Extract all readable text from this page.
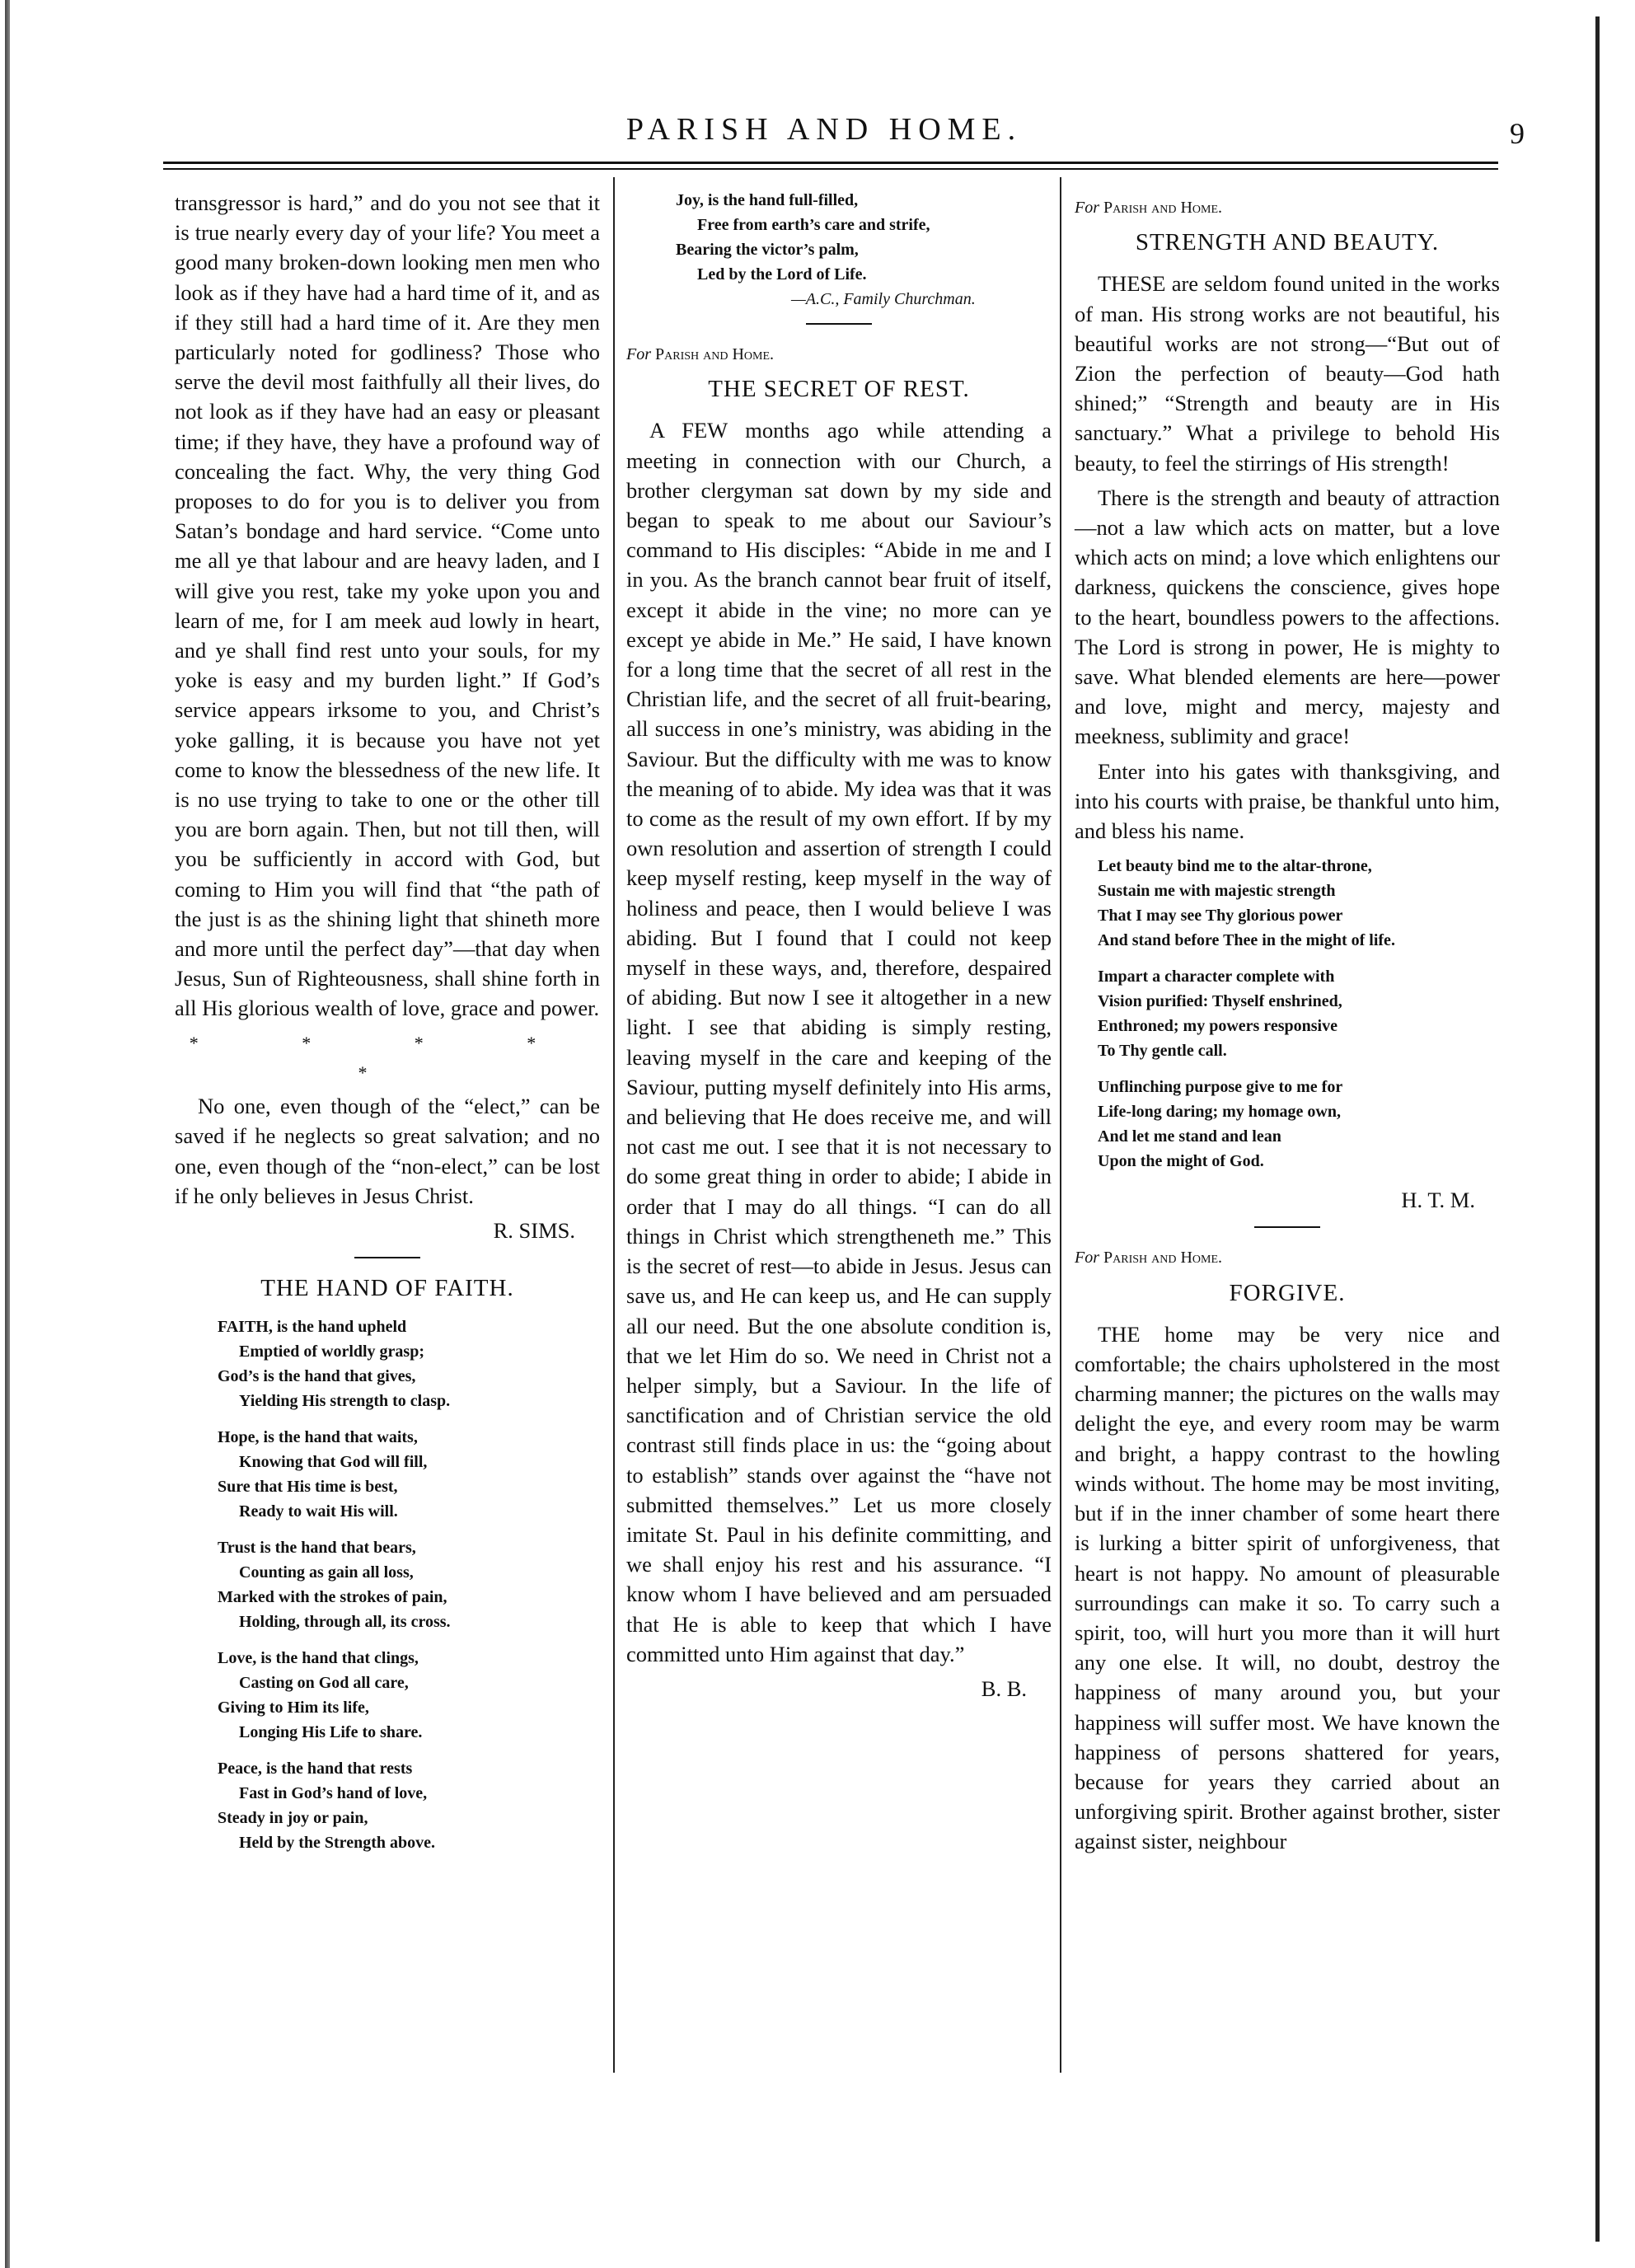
PARISH AND HOME.	9

transgressor is hard,” and do you not see that it is true nearly every day of your life? You meet a good many broken-down looking men men who look as if they have had a hard time of it, and as if they still had a hard time of it. Are they men particularly noted for godliness? Those who serve the devil most faithfully all their lives, do not look as if they have had an easy or pleasant time; if they have, they have a profound way of concealing the fact. Why, the very thing God proposes to do for you is to deliver you from Satan’s bondage and hard service. “Come unto me all ye that labour and are heavy laden, and I will give you rest, take my yoke upon you and learn of me, for I am meek aud lowly in heart, and ye shall find rest unto your souls, for my yoke is easy and my burden light.” If God’s service appears irksome to you, and Christ’s yoke galling, it is because you have not yet come to know the blessedness of the new life. It is no use trying to take to one or the other till you are born again. Then, but not till then, will you be sufficiently in accord with God, but coming to Him you will find that “the path of the just is as the shining light that shineth more and more until the perfect day”—that day when Jesus, Sun of Righteousness, shall shine forth in all His glorious wealth of love, grace and power.

* * * * *

No one, even though of the “elect,” can be saved if he neglects so great salvation; and no one, even though of the “non-elect,” can be lost if he only believes in Jesus Christ.

R. SIMS.
THE HAND OF FAITH.
FAITH, is the hand upheld
Emptied of worldly grasp;
God’s is the hand that gives,
Yielding His strength to clasp.
Hope, is the hand that waits,
Knowing that God will fill,
Sure that His time is best,
Ready to wait His will.
Trust is the hand that bears,
Counting as gain all loss,
Marked with the strokes of pain,
Holding, through all, its cross.
Love, is the hand that clings,
Casting on God all care,
Giving to Him its life,
Longing His Life to share.
Peace, is the hand that rests
Fast in God’s hand of love,
Steady in joy or pain,
Held by the Strength above.
Joy, is the hand full-filled,
Free from earth’s care and strife,
Bearing the victor’s palm,
Led by the Lord of Life.
—A.C., Family Churchman.
For Parish and Home.
THE SECRET OF REST.

A FEW months ago while attending a meeting in connection with our Church, a brother clergyman sat down by my side and began to speak to me about our Saviour’s command to His disciples: “Abide in me and I in you. As the branch cannot bear fruit of itself, except it abide in the vine; no more can ye except ye abide in Me.” He said, I have known for a long time that the secret of all rest in the Christian life, and the secret of all fruit-bearing, all success in one’s ministry, was abiding in the Saviour. But the difficulty with me was to know the meaning of to abide. My idea was that it was to come as the result of my own effort. If by my own resolution and assertion of strength I could keep myself resting, keep myself in the way of holiness and peace, then I would believe I was abiding. But I found that I could not keep myself in these ways, and, therefore, despaired of abiding. But now I see it altogether in a new light. I see that abiding is simply resting, leaving myself in the care and keeping of the Saviour, putting myself definitely into His arms, and believing that He does receive me, and will not cast me out. I see that it is not necessary to do some great thing in order to abide; I abide in order that I may do all things. “I can do all things in Christ which strengtheneth me.” This is the secret of rest—to abide in Jesus. Jesus can save us, and He can keep us, and He can supply all our need. But the one absolute condition is, that we let Him do so. We need in Christ not a helper simply, but a Saviour. In the life of sanctification and of Christian service the old contrast still finds place in us: the “going about to establish” stands over against the “have not submitted themselves.” Let us more closely imitate St. Paul in his definite committing, and we shall enjoy his rest and his assurance. “I know whom I have believed and am persuaded that He is able to keep that which I have committed unto Him against that day.”

B. B.
For Parish and Home.
STRENGTH AND BEAUTY.

THESE are seldom found united in the works of man. His strong works are not beautiful, his beautiful works are not strong—“But out of Zion the perfection of beauty—God hath shined;” “Strength and beauty are in His sanctuary.” What a privilege to behold His beauty, to feel the stirrings of His strength!

There is the strength and beauty of attraction—not a law which acts on matter, but a love which acts on mind; a love which enlightens our darkness, quickens the conscience, gives hope to the heart, boundless powers to the affections. The Lord is strong in power, He is mighty to save. What blended elements are here—power and love, might and mercy, majesty and meekness, sublimity and grace!

Enter into his gates with thanksgiving, and into his courts with praise, be thankful unto him, and bless his name.

Let beauty bind me to the altar-throne,
Sustain me with majestic strength
That I may see Thy glorious power
And stand before Thee in the might of life.
Impart a character complete with
Vision purified: Thyself enshrined,
Enthroned; my powers responsive
To Thy gentle call.
Unflinching purpose give to me for
Life-long daring; my homage own,
And let me stand and lean
Upon the might of God.
H. T. M.
For Parish and Home.
FORGIVE.

THE home may be very nice and comfortable; the chairs upholstered in the most charming manner; the pictures on the walls may delight the eye, and every room may be warm and bright, a happy contrast to the howling winds without. The home may be most inviting, but if in the inner chamber of some heart there is lurking a bitter spirit of unforgiveness, that heart is not happy. No amount of pleasurable surroundings can make it so. To carry such a spirit, too, will hurt you more than it will hurt any one else. It will, no doubt, destroy the happiness of many around you, but your happiness will suffer most. We have known the happiness of persons shattered for years, because for years they carried about an unforgiving spirit. Brother against brother, sister against sister, neighbour
